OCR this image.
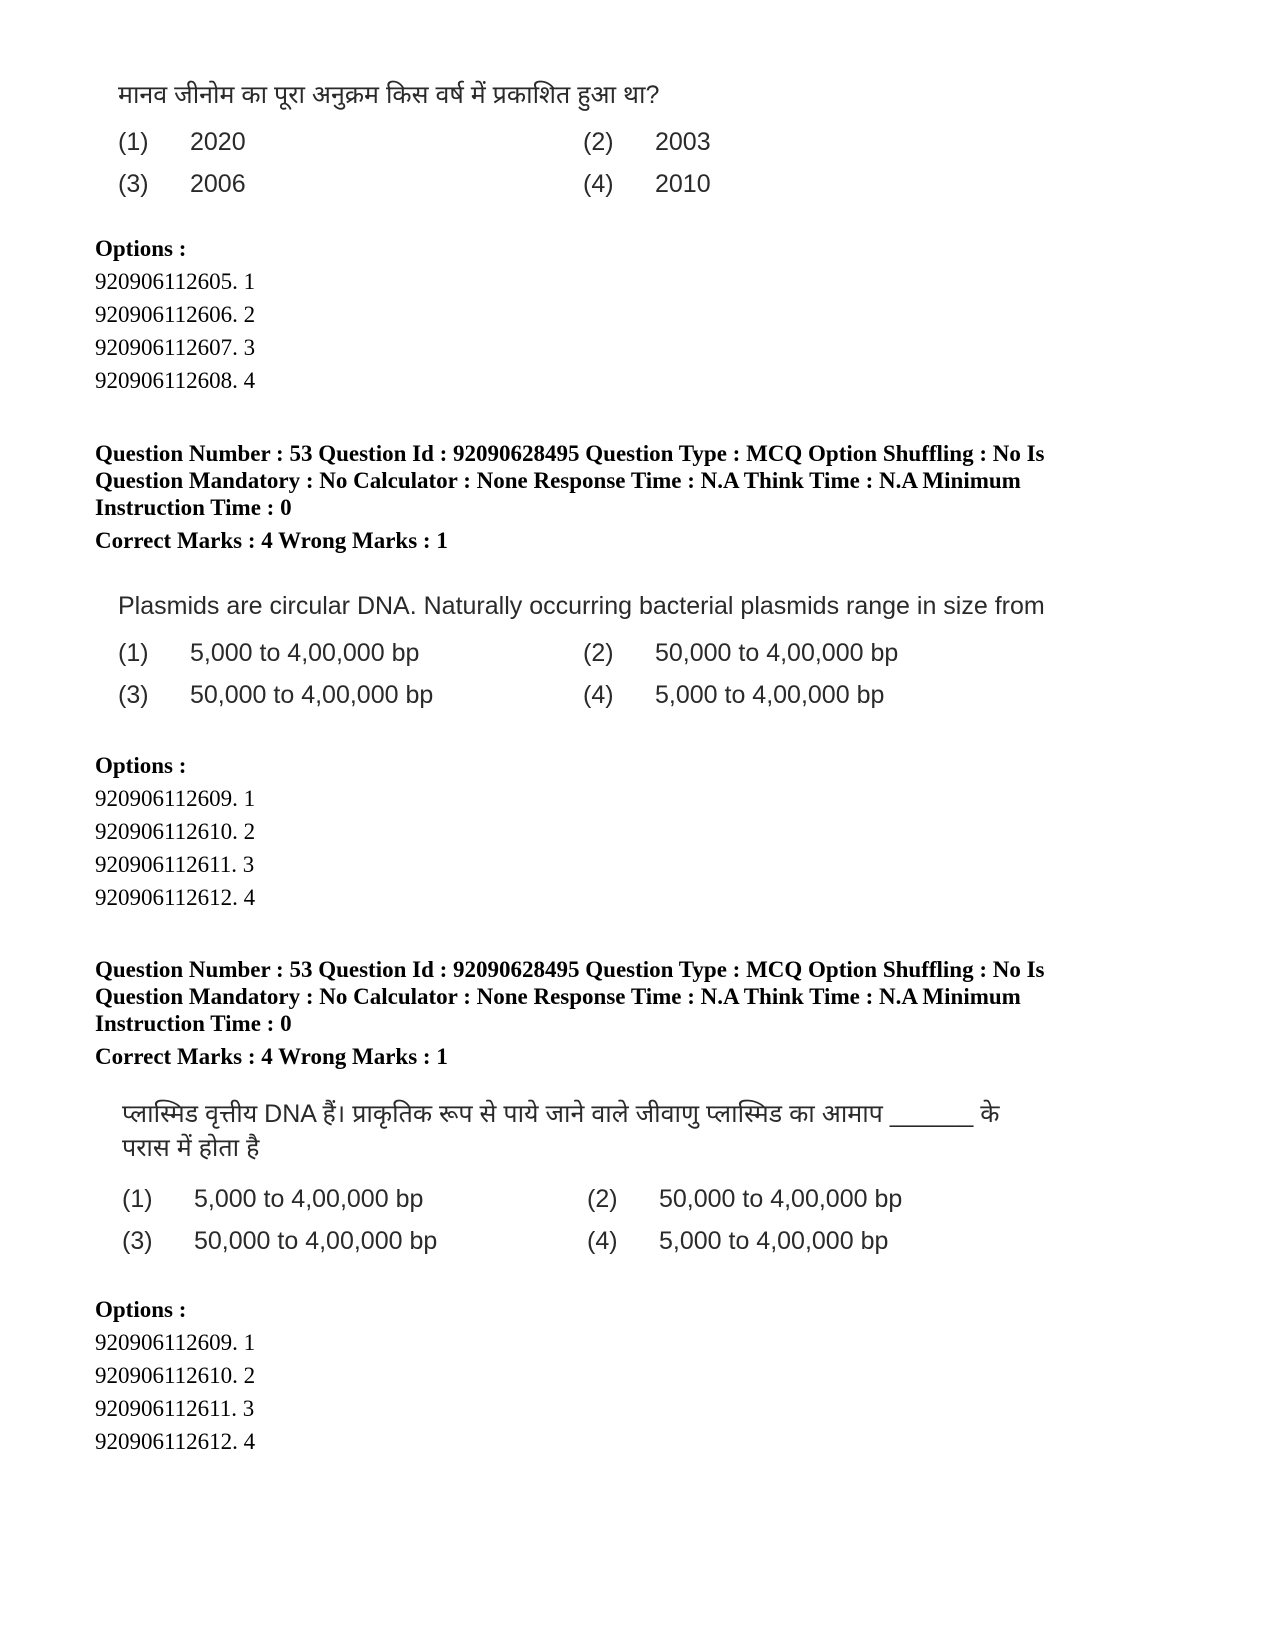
मानव जीनोम का पूरा अनुक्रम किस वर्ष में प्रकाशित हुआ था?
(1)	2020	(2)	2003
(3)	2006	(4)	2010
Options :
920906112605. 1
920906112606. 2
920906112607. 3
920906112608. 4
Question Number : 53 Question Id : 92090628495 Question Type : MCQ Option Shuffling : No Is
Question Mandatory : No Calculator : None Response Time : N.A Think Time : N.A Minimum
Instruction Time : 0
Correct Marks : 4 Wrong Marks : 1
Plasmids are circular DNA. Naturally occurring bacterial plasmids range in size from
(1)	5,000 to 4,00,000 bp	(2)	50,000 to 4,00,000 bp
(3)	50,000 to 4,00,000 bp	(4)	5,000 to 4,00,000 bp
Options :
920906112609. 1
920906112610. 2
920906112611. 3
920906112612. 4
Question Number : 53 Question Id : 92090628495 Question Type : MCQ Option Shuffling : No Is
Question Mandatory : No Calculator : None Response Time : N.A Think Time : N.A Minimum
Instruction Time : 0
Correct Marks : 4 Wrong Marks : 1
प्लास्मिड वृत्तीय DNA हैं। प्राकृतिक रूप से पाये जाने वाले जीवाणु प्लास्मिड का आमाप ______ के
परास में होता है
(1)	5,000 to 4,00,000 bp	(2)	50,000 to 4,00,000 bp
(3)	50,000 to 4,00,000 bp	(4)	5,000 to 4,00,000 bp
Options :
920906112609. 1
920906112610. 2
920906112611. 3
920906112612. 4
